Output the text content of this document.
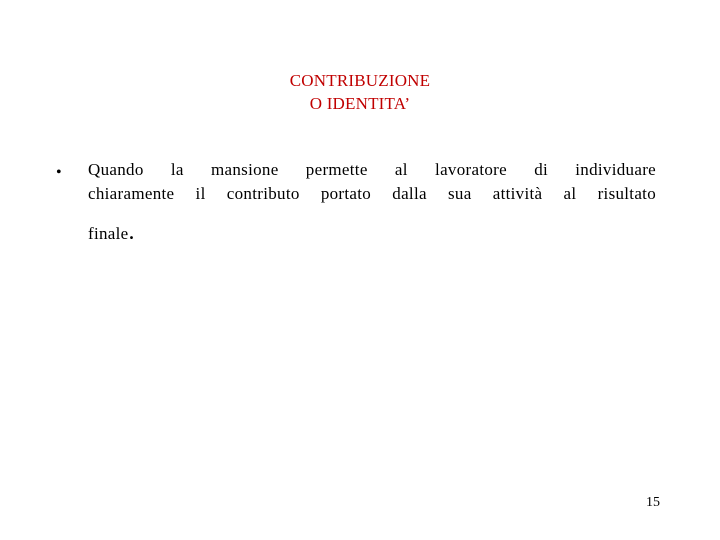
CONTRIBUZIONE
O IDENTITA’
• Quando la mansione permette al lavoratore di individuare
chiaramente il contributo portato dalla sua attività al risultato
finale.
15
